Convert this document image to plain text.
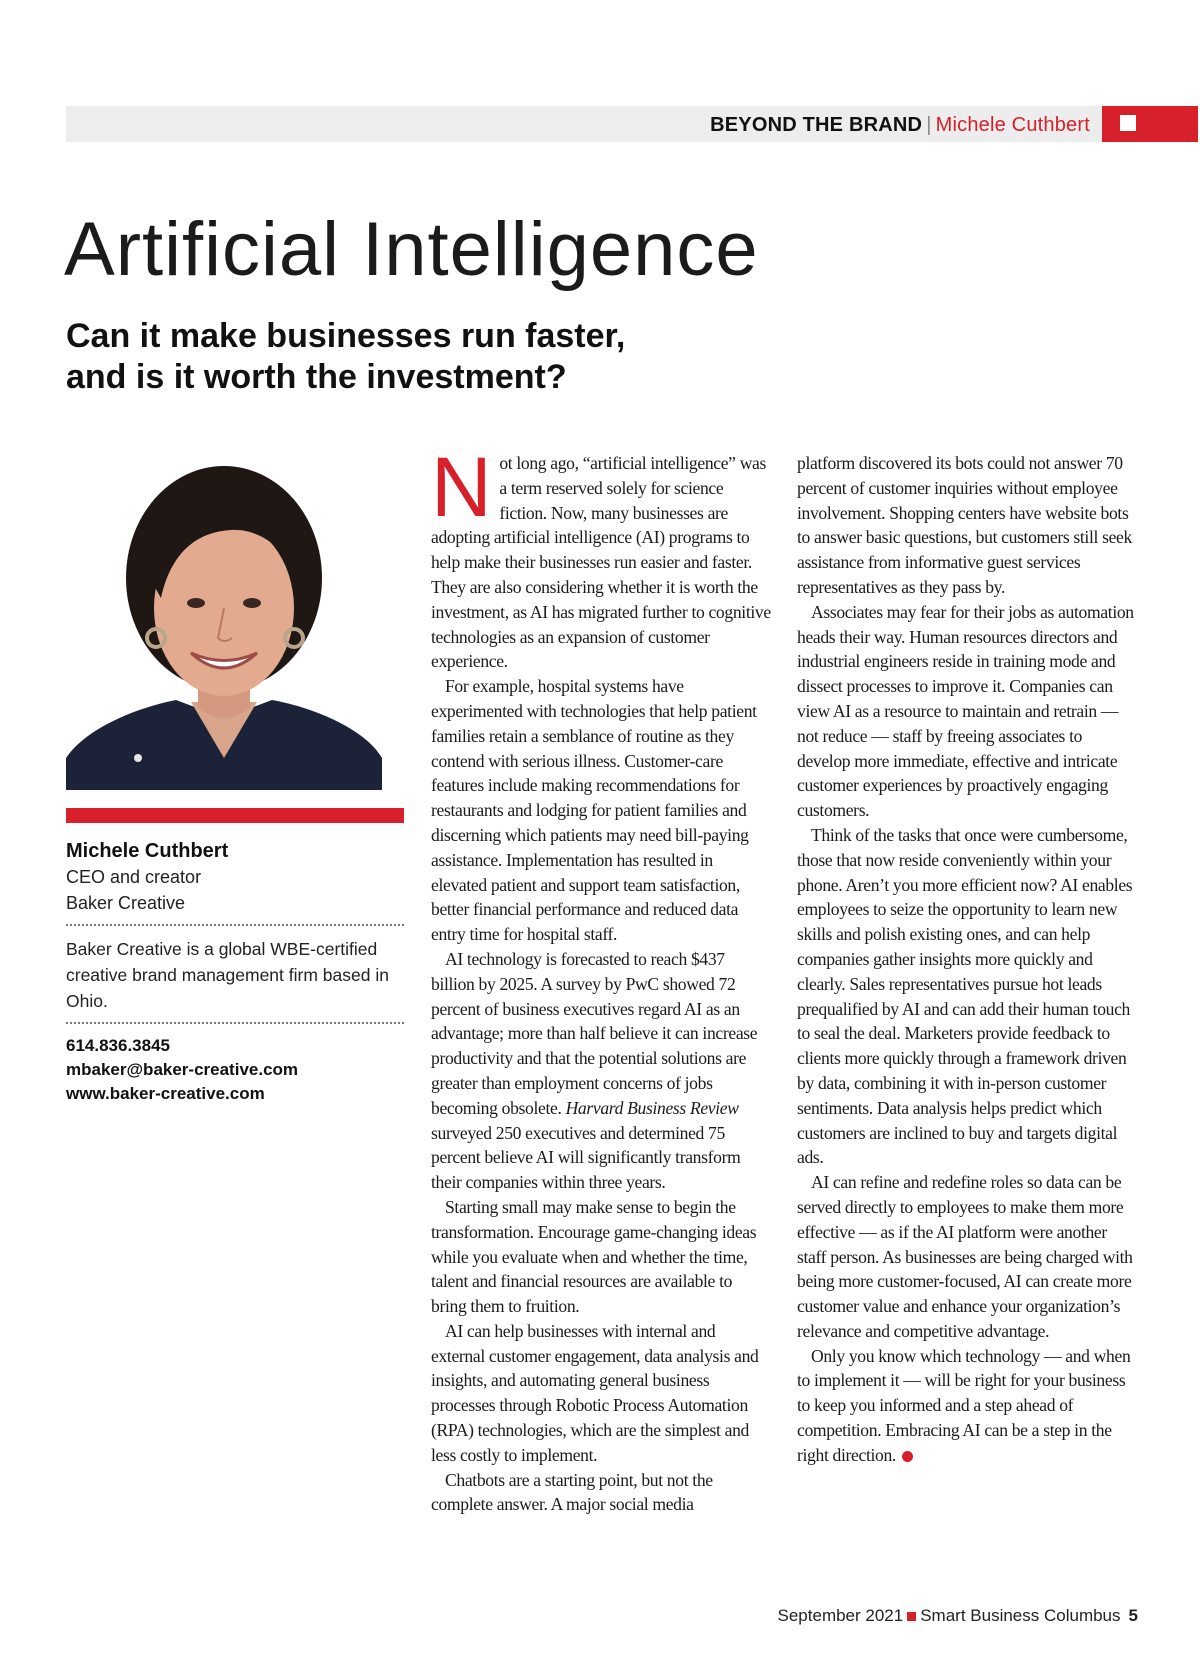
BEYOND THE BRAND | Michele Cuthbert
Artificial Intelligence
Can it make businesses run faster,
and is it worth the investment?
Michele Cuthbert
CEO and creator
Baker Creative
Baker Creative is a global WBE-certified creative brand management firm based in Ohio.
614.836.3845
mbaker@baker-creative.com
www.baker-creative.com

Not long ago, “artificial intelligence” was a term reserved solely for science fiction. Now, many businesses are adopting artificial intelligence (AI) programs to help make their businesses run easier and faster. They are also considering whether it is worth the investment, as AI has migrated further to cognitive technologies as an expansion of customer experience.

For example, hospital systems have experimented with technologies that help patient families retain a semblance of routine as they contend with serious illness. Customer-care features include making recommendations for restaurants and lodging for patient families and discerning which patients may need bill-paying assistance. Implementation has resulted in elevated patient and support team satisfaction, better financial performance and reduced data entry time for hospital staff.

AI technology is forecasted to reach $437 billion by 2025. A survey by PwC showed 72 percent of business executives regard AI as an advantage; more than half believe it can increase productivity and that the potential solutions are greater than employment concerns of jobs becoming obsolete. Harvard Business Review surveyed 250 executives and determined 75 percent believe AI will significantly transform their companies within three years.

Starting small may make sense to begin the transformation. Encourage game-changing ideas while you evaluate when and whether the time, talent and financial resources are available to bring them to fruition.

AI can help businesses with internal and external customer engagement, data analysis and insights, and automating general business processes through Robotic Process Automation (RPA) technologies, which are the simplest and less costly to implement.

Chatbots are a starting point, but not the complete answer. A major social media

platform discovered its bots could not answer 70 percent of customer inquiries without employee involvement. Shopping centers have website bots to answer basic questions, but customers still seek assistance from informative guest services representatives as they pass by.

Associates may fear for their jobs as automation heads their way. Human resources directors and industrial engineers reside in training mode and dissect processes to improve it. Companies can view AI as a resource to maintain and retrain — not reduce — staff by freeing associates to develop more immediate, effective and intricate customer experiences by proactively engaging customers.

Think of the tasks that once were cumbersome, those that now reside conveniently within your phone. Aren’t you more efficient now? AI enables employees to seize the opportunity to learn new skills and polish existing ones, and can help companies gather insights more quickly and clearly. Sales representatives pursue hot leads prequalified by AI and can add their human touch to seal the deal. Marketers provide feedback to clients more quickly through a framework driven by data, combining it with in-person customer sentiments. Data analysis helps predict which customers are inclined to buy and targets digital ads.

AI can refine and redefine roles so data can be served directly to employees to make them more effective — as if the AI platform were another staff person. As businesses are being charged with being more customer-focused, AI can create more customer value and enhance your organization’s relevance and competitive advantage.

Only you know which technology — and when to implement it — will be right for your business to keep you informed and a step ahead of competition. Embracing AI can be a step in the right direction.

September 2021 Smart Business Columbus 5
